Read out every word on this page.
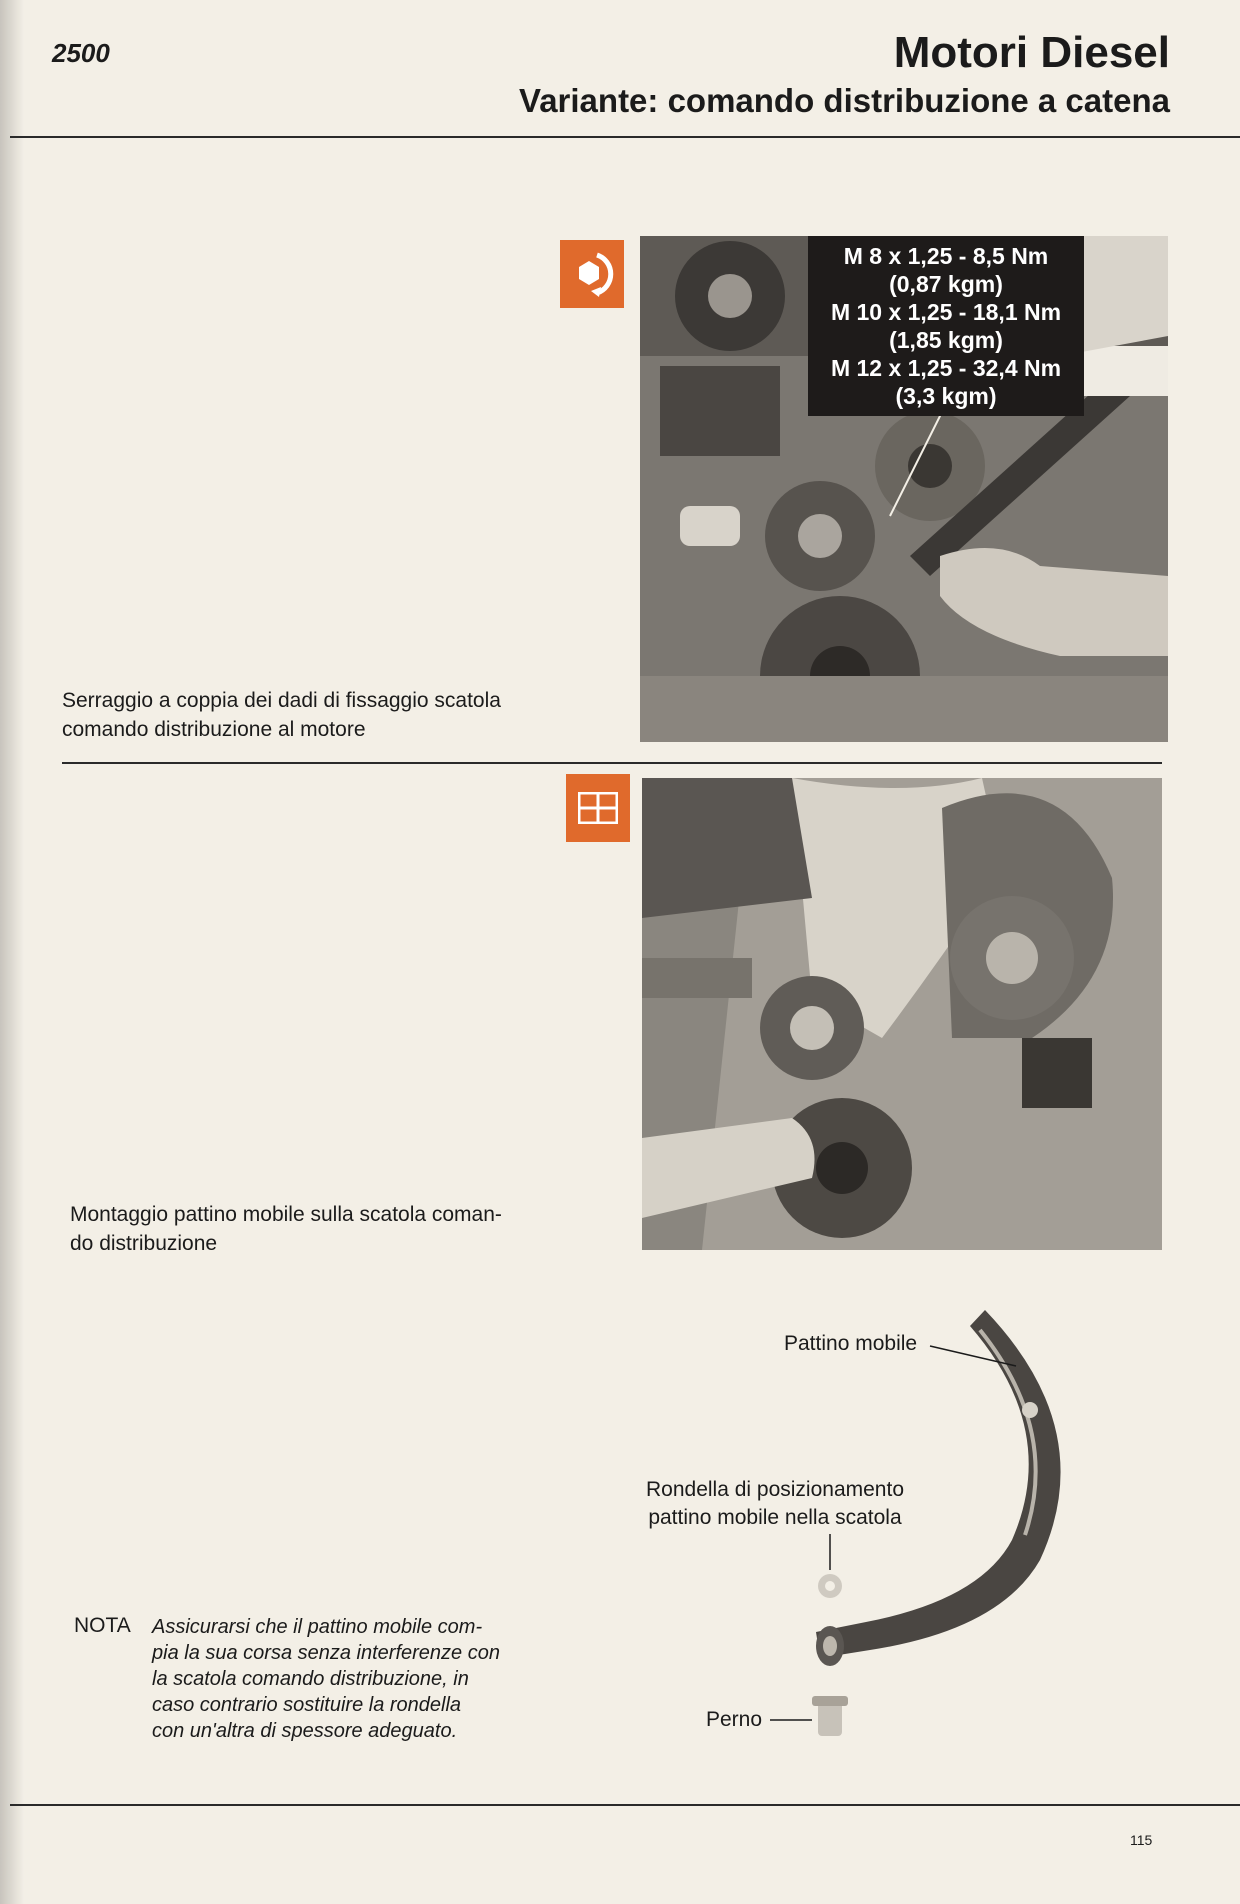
2500	Motori Diesel
Variante: comando distribuzione a catena
M 8 x 1,25 - 8,5 Nm
(0,87 kgm)
M 10 x 1,25 - 18,1 Nm
(1,85 kgm)
M 12 x 1,25 - 32,4 Nm
(3,3 kgm)
Serraggio a coppia dei dadi di fissaggio scatola
comando distribuzione al motore
Montaggio pattino mobile sulla scatola coman-
do distribuzione
Pattino mobile
Rondella di posizionamento
pattino mobile nella scatola
Perno
NOTA Assicurarsi che il pattino mobile com-
pia la sua corsa senza interferenze con
la scatola comando distribuzione, in
caso contrario sostituire la rondella
con un'altra di spessore adeguato.
115
